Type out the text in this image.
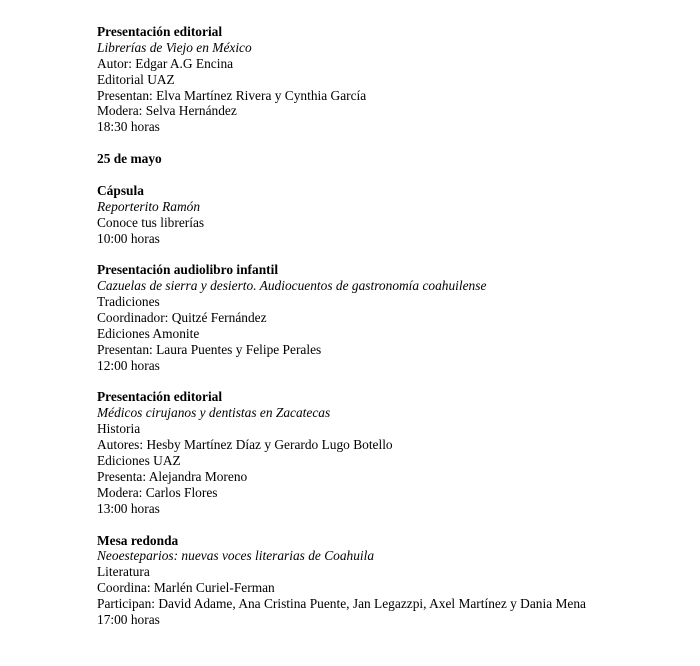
Presentación editorial
Librerías de Viejo en México
Autor: Edgar A.G Encina
Editorial UAZ
Presentan: Elva Martínez Rivera y Cynthia García
Modera: Selva Hernández
18:30 horas
25 de mayo
Cápsula
Reporterito Ramón
Conoce tus librerías
10:00 horas
Presentación audiolibro infantil
Cazuelas de sierra y desierto. Audiocuentos de gastronomía coahuilense
Tradiciones
Coordinador: Quitzé Fernández
Ediciones Amonite
Presentan: Laura Puentes y Felipe Perales
12:00 horas
Presentación editorial
Médicos cirujanos y dentistas en Zacatecas
Historia
Autores: Hesby Martínez Díaz y Gerardo Lugo Botello
Ediciones UAZ
Presenta: Alejandra Moreno
Modera: Carlos Flores
13:00 horas
Mesa redonda
Neoesteparios: nuevas voces literarias de Coahuila
Literatura
Coordina: Marlén Curiel-Ferman
Participan: David Adame, Ana Cristina Puente, Jan Legazzpi, Axel Martínez y Dania Mena
17:00 horas
